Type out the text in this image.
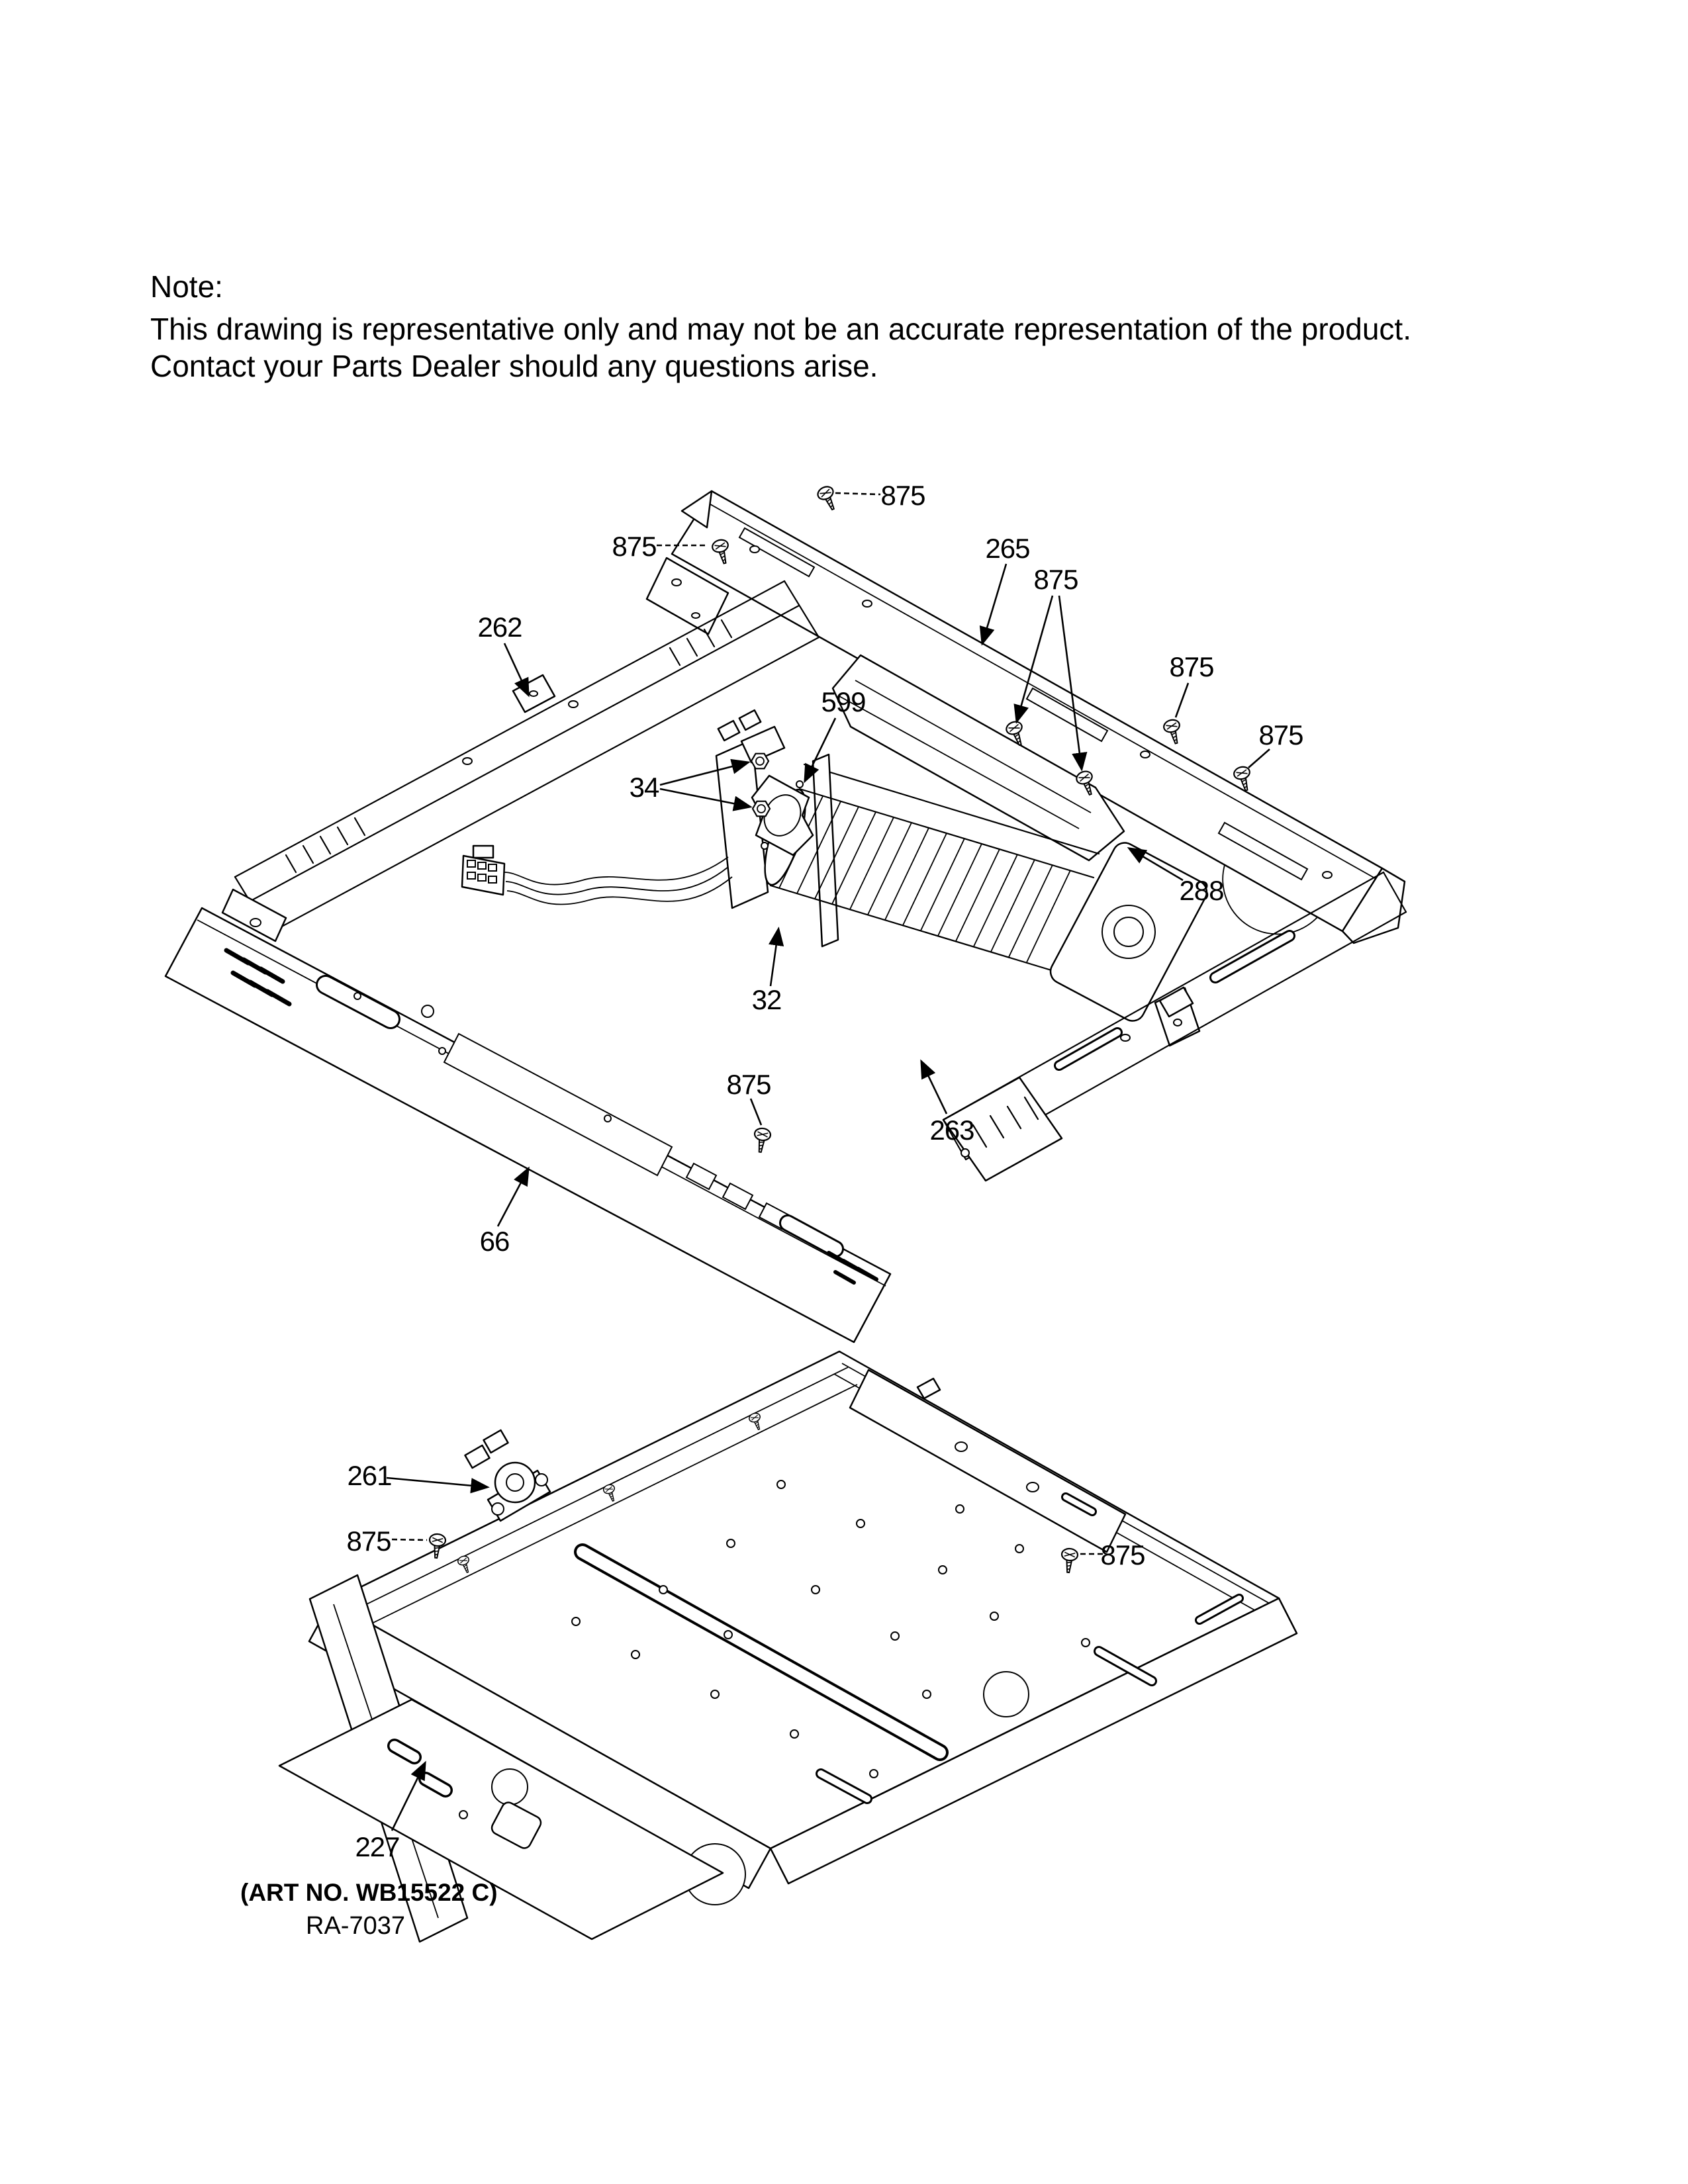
Note:
This drawing is representative only and may not be an accurate representation of the product.
Contact your Parts Dealer should any questions arise.
875
875	265
262
599
34
875
875
875
288
32
875
263
66
261
875	875
227
(ART NO. WB15522 C)
RA-7037
